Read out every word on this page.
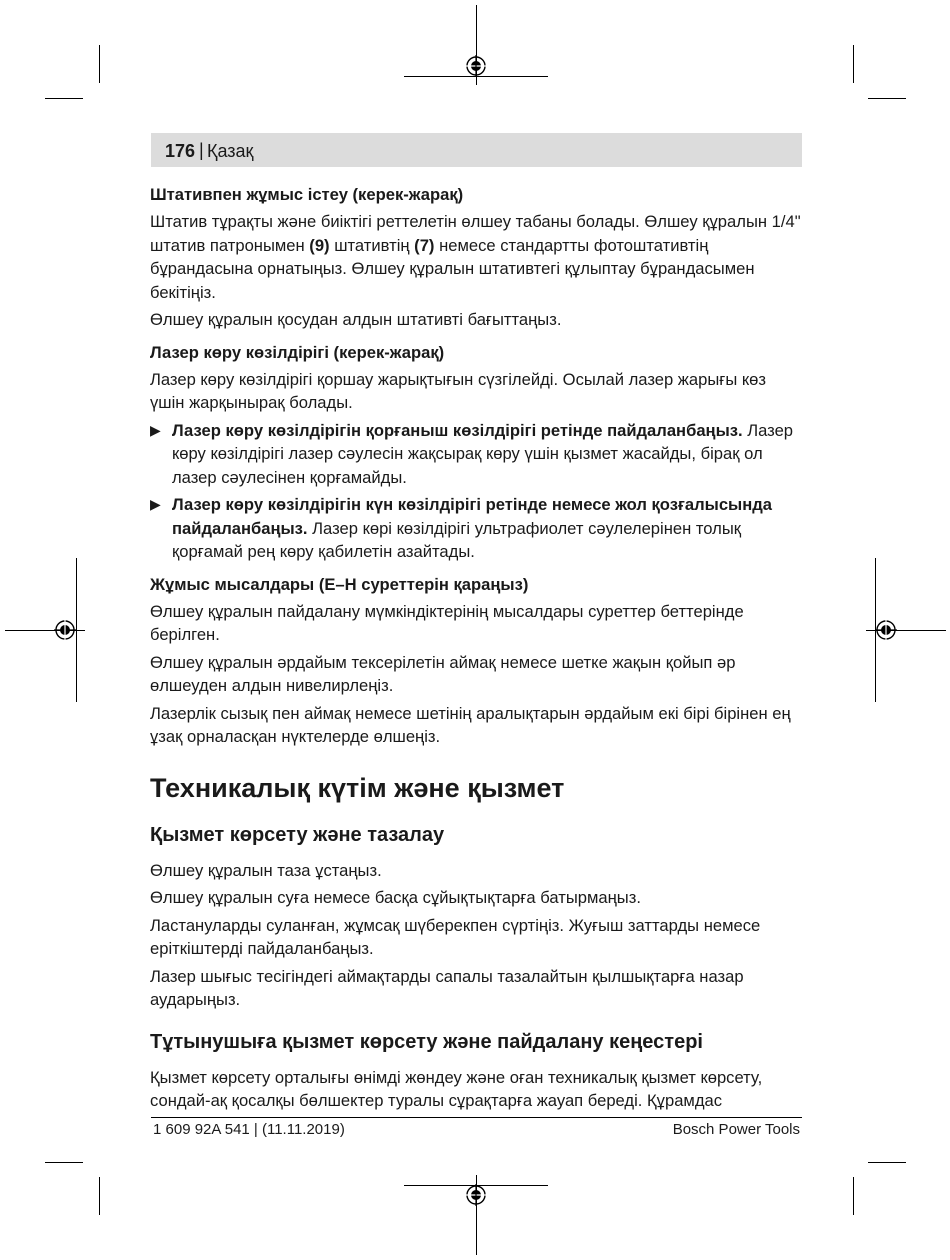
176 | Қазақ
Штативпен жұмыс істеу (керек-жарақ)

Штатив тұрақты және биіктігі реттелетін өлшеу табаны болады. Өлшеу құралын 1/4" штатив патронымен (9) штативтің (7) немесе стандартты фотоштативтің бұрандасына орнатыңыз. Өлшеу құралын штативтегі құлыптау бұрандасымен бекітіңіз.

Өлшеу құралын қосудан алдын штативті бағыттаңыз.

Лазер көру көзілдірігі (керек-жарақ)

Лазер көру көзілдірігі қоршау жарықтығын сүзгілейді. Осылай лазер жарығы көз үшін жарқынырақ болады.

▶ Лазер көру көзілдірігін қорғаныш көзілдірігі ретінде пайдаланбаңыз. Лазер көру көзілдірігі лазер сәулесін жақсырақ көру үшін қызмет жасайды, бірақ ол лазер сәулесінен қорғамайды.
▶ Лазер көру көзілдірігін күн көзілдірігі ретінде немесе жол қозғалысында пайдаланбаңыз. Лазер көрі көзілдірігі ультрафиолет сәулелерінен толық қорғамай рең көру қабилетін азайтады.
Жұмыс мысалдары (E–H суреттерін қараңыз)

Өлшеу құралын пайдалану мүмкіндіктерінің мысалдары суреттер беттерінде берілген.

Өлшеу құралын әрдайым тексерілетін аймақ немесе шетке жақын қойып әр өлшеуден алдын нивелирлеңіз.

Лазерлік сызық пен аймақ немесе шетінің аралықтарын әрдайым екі бірі бірінен ең ұзақ орналасқан нүктелерде өлшеңіз.

Техникалық күтім және қызмет
Қызмет көрсету және тазалау

Өлшеу құралын таза ұстаңыз.

Өлшеу құралын суға немесе басқа сұйықтықтарға батырмаңыз.

Ластануларды суланған, жұмсақ шүберекпен сүртіңіз. Жуғыш заттарды немесе еріткіштерді пайдаланбаңыз.

Лазер шығыс тесігіндегі аймақтарды сапалы тазалайтын қылшықтарға назар аударыңыз.

Тұтынушыға қызмет көрсету және пайдалану кеңестері

Қызмет көрсету орталығы өнімді жөндеу және оған техникалық қызмет көрсету, сондай-ақ қосалқы бөлшектер туралы сұрақтарға жауап береді. Құрамдас

1 609 92A 541 | (11.11.2019)	Bosch Power Tools
